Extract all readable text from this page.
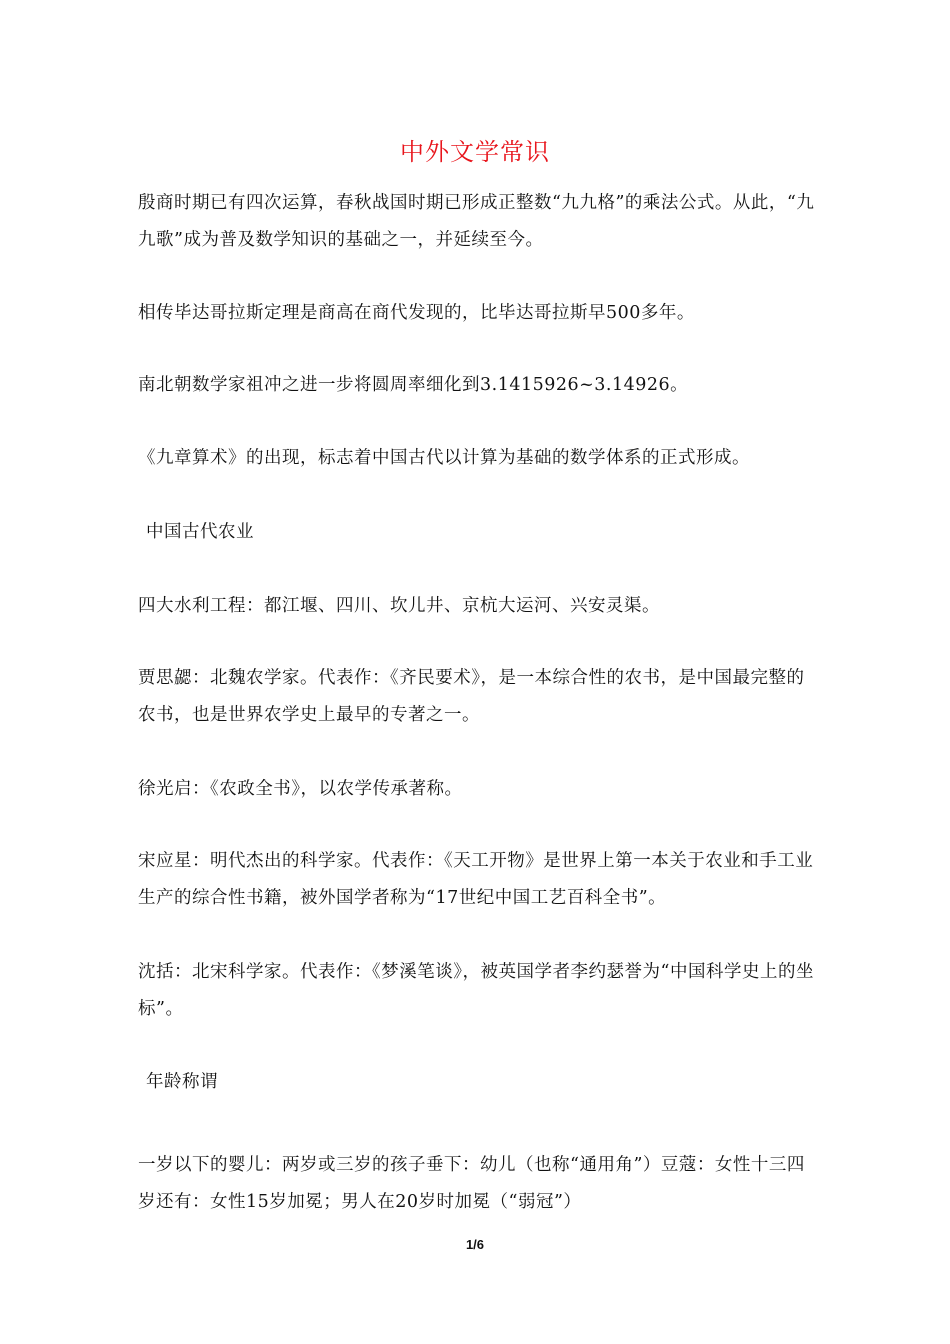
中外文学常识

殷商时期已有四次运算，春秋战国时期已形成正整数“九九格”的乘法公式。从此，“九九歌”成为普及数学知识的基础之一，并延续至今。

相传毕达哥拉斯定理是商高在商代发现的，比毕达哥拉斯早500多年。

南北朝数学家祖冲之进一步将圆周率细化到3.1415926~3.14926。

《九章算术》的出现，标志着中国古代以计算为基础的数学体系的正式形成。

中国古代农业

四大水利工程：都江堰、四川、坎儿井、京杭大运河、兴安灵渠。

贾思勰：北魏农学家。代表作：《齐民要术》，是一本综合性的农书，是中国最完整的农书，也是世界农学史上最早的专著之一。

徐光启：《农政全书》，以农学传承著称。

宋应星：明代杰出的科学家。代表作：《天工开物》是世界上第一本关于农业和手工业生产的综合性书籍，被外国学者称为“17世纪中国工艺百科全书”。

沈括：北宋科学家。代表作：《梦溪笔谈》，被英国学者李约瑟誉为“中国科学史上的坐标”。

年龄称谓

一岁以下的婴儿：两岁或三岁的孩子垂下：幼儿（也称“通用角”）豆蔻：女性十三四岁还有：女性15岁加冕；男人在20岁时加冕（“弱冠”）

1/6
